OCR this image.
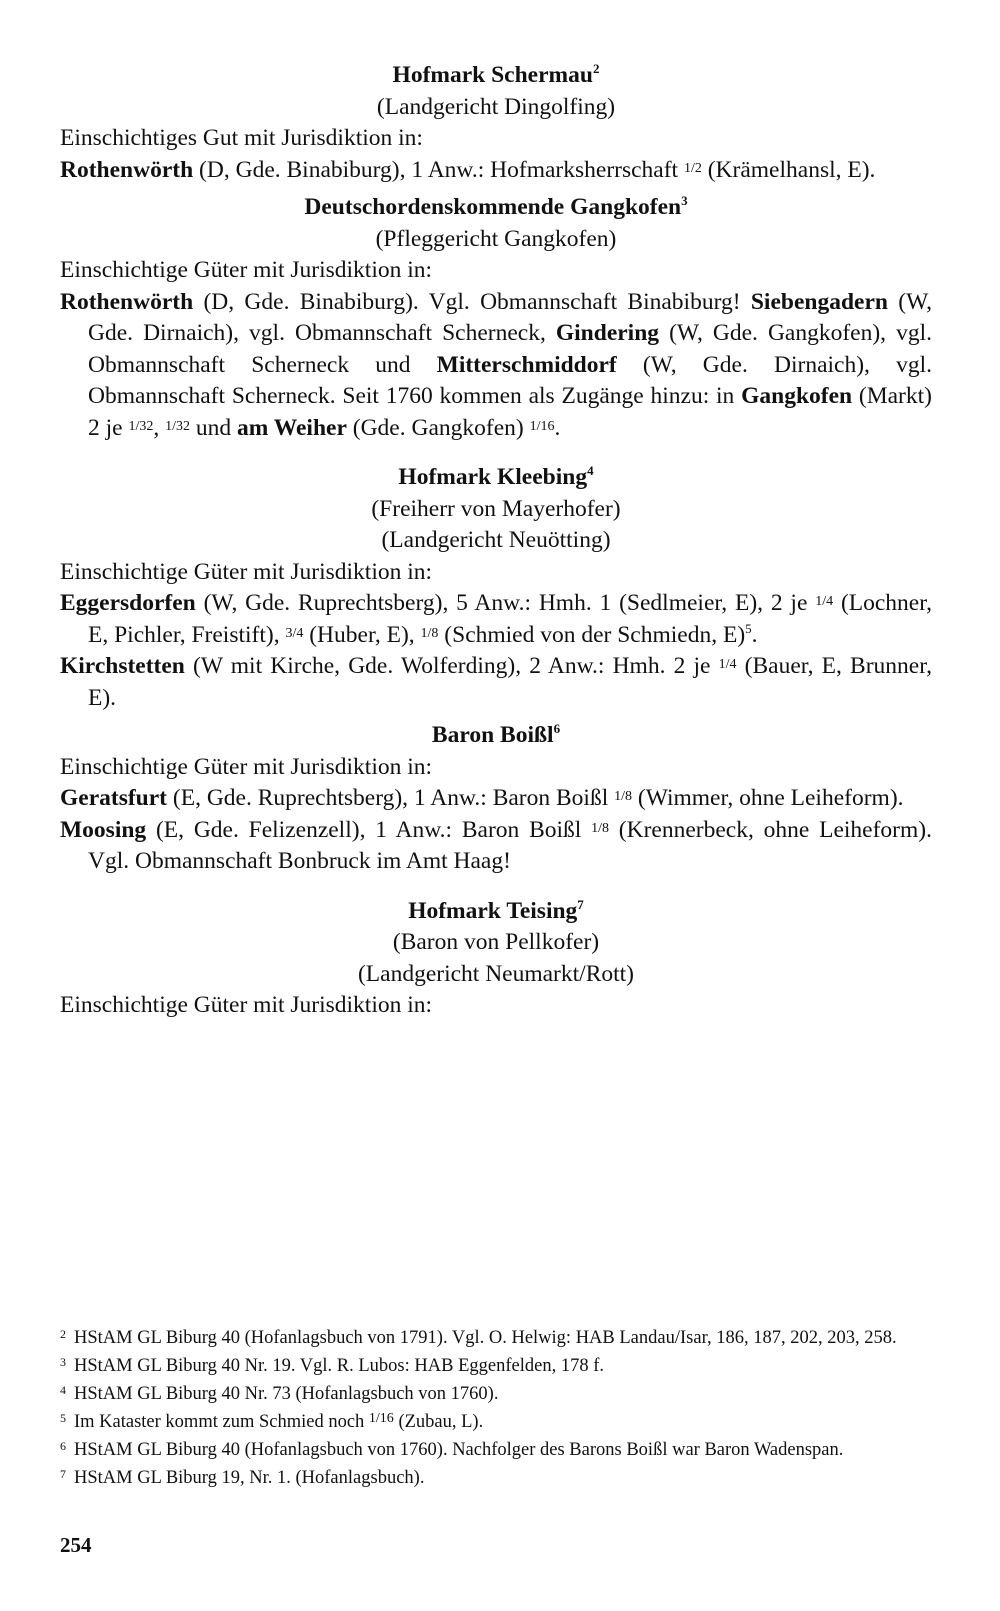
Hofmark Schermau$^2$
(Landgericht Dingolfing)

Einschichtiges Gut mit Jurisdiktion in:

Rothenwörth (D, Gde. Binabiburg), 1 Anw.: Hofmarksherrschaft $^{1/2}$ (Krämelhansl, E).

Deutschordenskommende Gangkofen$^3$
(Pfleggericht Gangkofen)

Einschichtige Güter mit Jurisdiktion in:

Rothenwörth (D, Gde. Binabiburg). Vgl. Obmannschaft Binabiburg! Siebengadern (W, Gde. Dirnaich), vgl. Obmannschaft Scherneck, Gindering (W, Gde. Gangkofen), vgl. Obmannschaft Scherneck und Mitterschmiddorf (W, Gde. Dirnaich), vgl. Obmannschaft Scherneck. Seit 1760 kommen als Zugänge hinzu: in Gangkofen (Markt) 2 je $^{1/32}$, $^{1/32}$ und am Weiher (Gde. Gangkofen) $^{1/16}$.

Hofmark Kleebing$^4$
(Freiherr von Mayerhofer)
(Landgericht Neuötting)

Einschichtige Güter mit Jurisdiktion in:

Eggersdorfen (W, Gde. Ruprechtsberg), 5 Anw.: Hmh. 1 (Sedlmeier, E), 2 je $^{1/4}$ (Lochner, E, Pichler, Freistift), $^{3/4}$ (Huber, E), $^{1/8}$ (Schmied von der Schmiedn, E)$^5$.

Kirchstetten (W mit Kirche, Gde. Wolferding), 2 Anw.: Hmh. 2 je $^{1/4}$ (Bauer, E, Brunner, E).

Baron Boißl$^6$

Einschichtige Güter mit Jurisdiktion in:

Geratsfurt (E, Gde. Ruprechtsberg), 1 Anw.: Baron Boißl $^{1/8}$ (Wimmer, ohne Leiheform).

Moosing (E, Gde. Felizenzell), 1 Anw.: Baron Boißl $^{1/8}$ (Krennerbeck, ohne Leiheform). Vgl. Obmannschaft Bonbruck im Amt Haag!

Hofmark Teising$^7$
(Baron von Pellkofer)
(Landgericht Neumarkt/Rott)

Einschichtige Güter mit Jurisdiktion in:

$^2$ HStAM GL Biburg 40 (Hofanlagsbuch von 1791). Vgl. O. Helwig: HAB Landau/Isar, 186, 187, 202, 203, 258.

$^3$ HStAM GL Biburg 40 Nr. 19. Vgl. R. Lubos: HAB Eggenfelden, 178 f.

$^4$ HStAM GL Biburg 40 Nr. 73 (Hofanlagsbuch von 1760).

$^5$ Im Kataster kommt zum Schmied noch $^{1/16}$ (Zubau, L).

$^6$ HStAM GL Biburg 40 (Hofanlagsbuch von 1760). Nachfolger des Barons Boißl war Baron Wadenspan.

$^7$ HStAM GL Biburg 19, Nr. 1. (Hofanlagsbuch).

254
